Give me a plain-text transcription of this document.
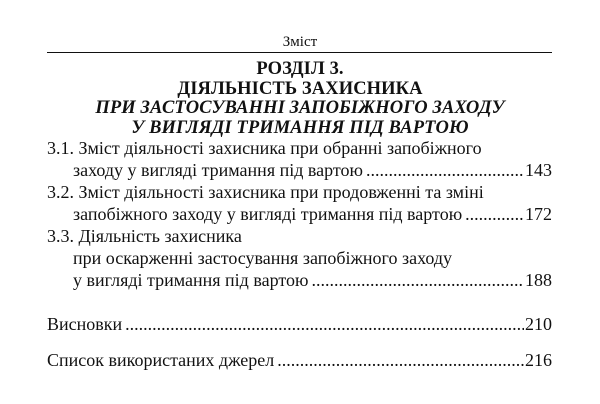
Зміст
РОЗДІЛ 3.
ДІЯЛЬНІСТЬ ЗАХИСНИКА
ПРИ ЗАСТОСУВАННІ ЗАПОБІЖНОГО ЗАХОДУ
У ВИГЛЯДІ ТРИМАННЯ ПІД ВАРТОЮ
3.1. Зміст діяльності захисника при обранні запобіжного
заходу у вигляді тримання під вартою .....	143
3.2. Зміст діяльності захисника при продовженні та зміні
запобіжного заходу у вигляді тримання під вартою .....	172
3.3. Діяльність захисника
при оскарженні застосування запобіжного заходу
у вигляді тримання під вартою .....	188
Висновки .....	210
Список використаних джерел .....	216
